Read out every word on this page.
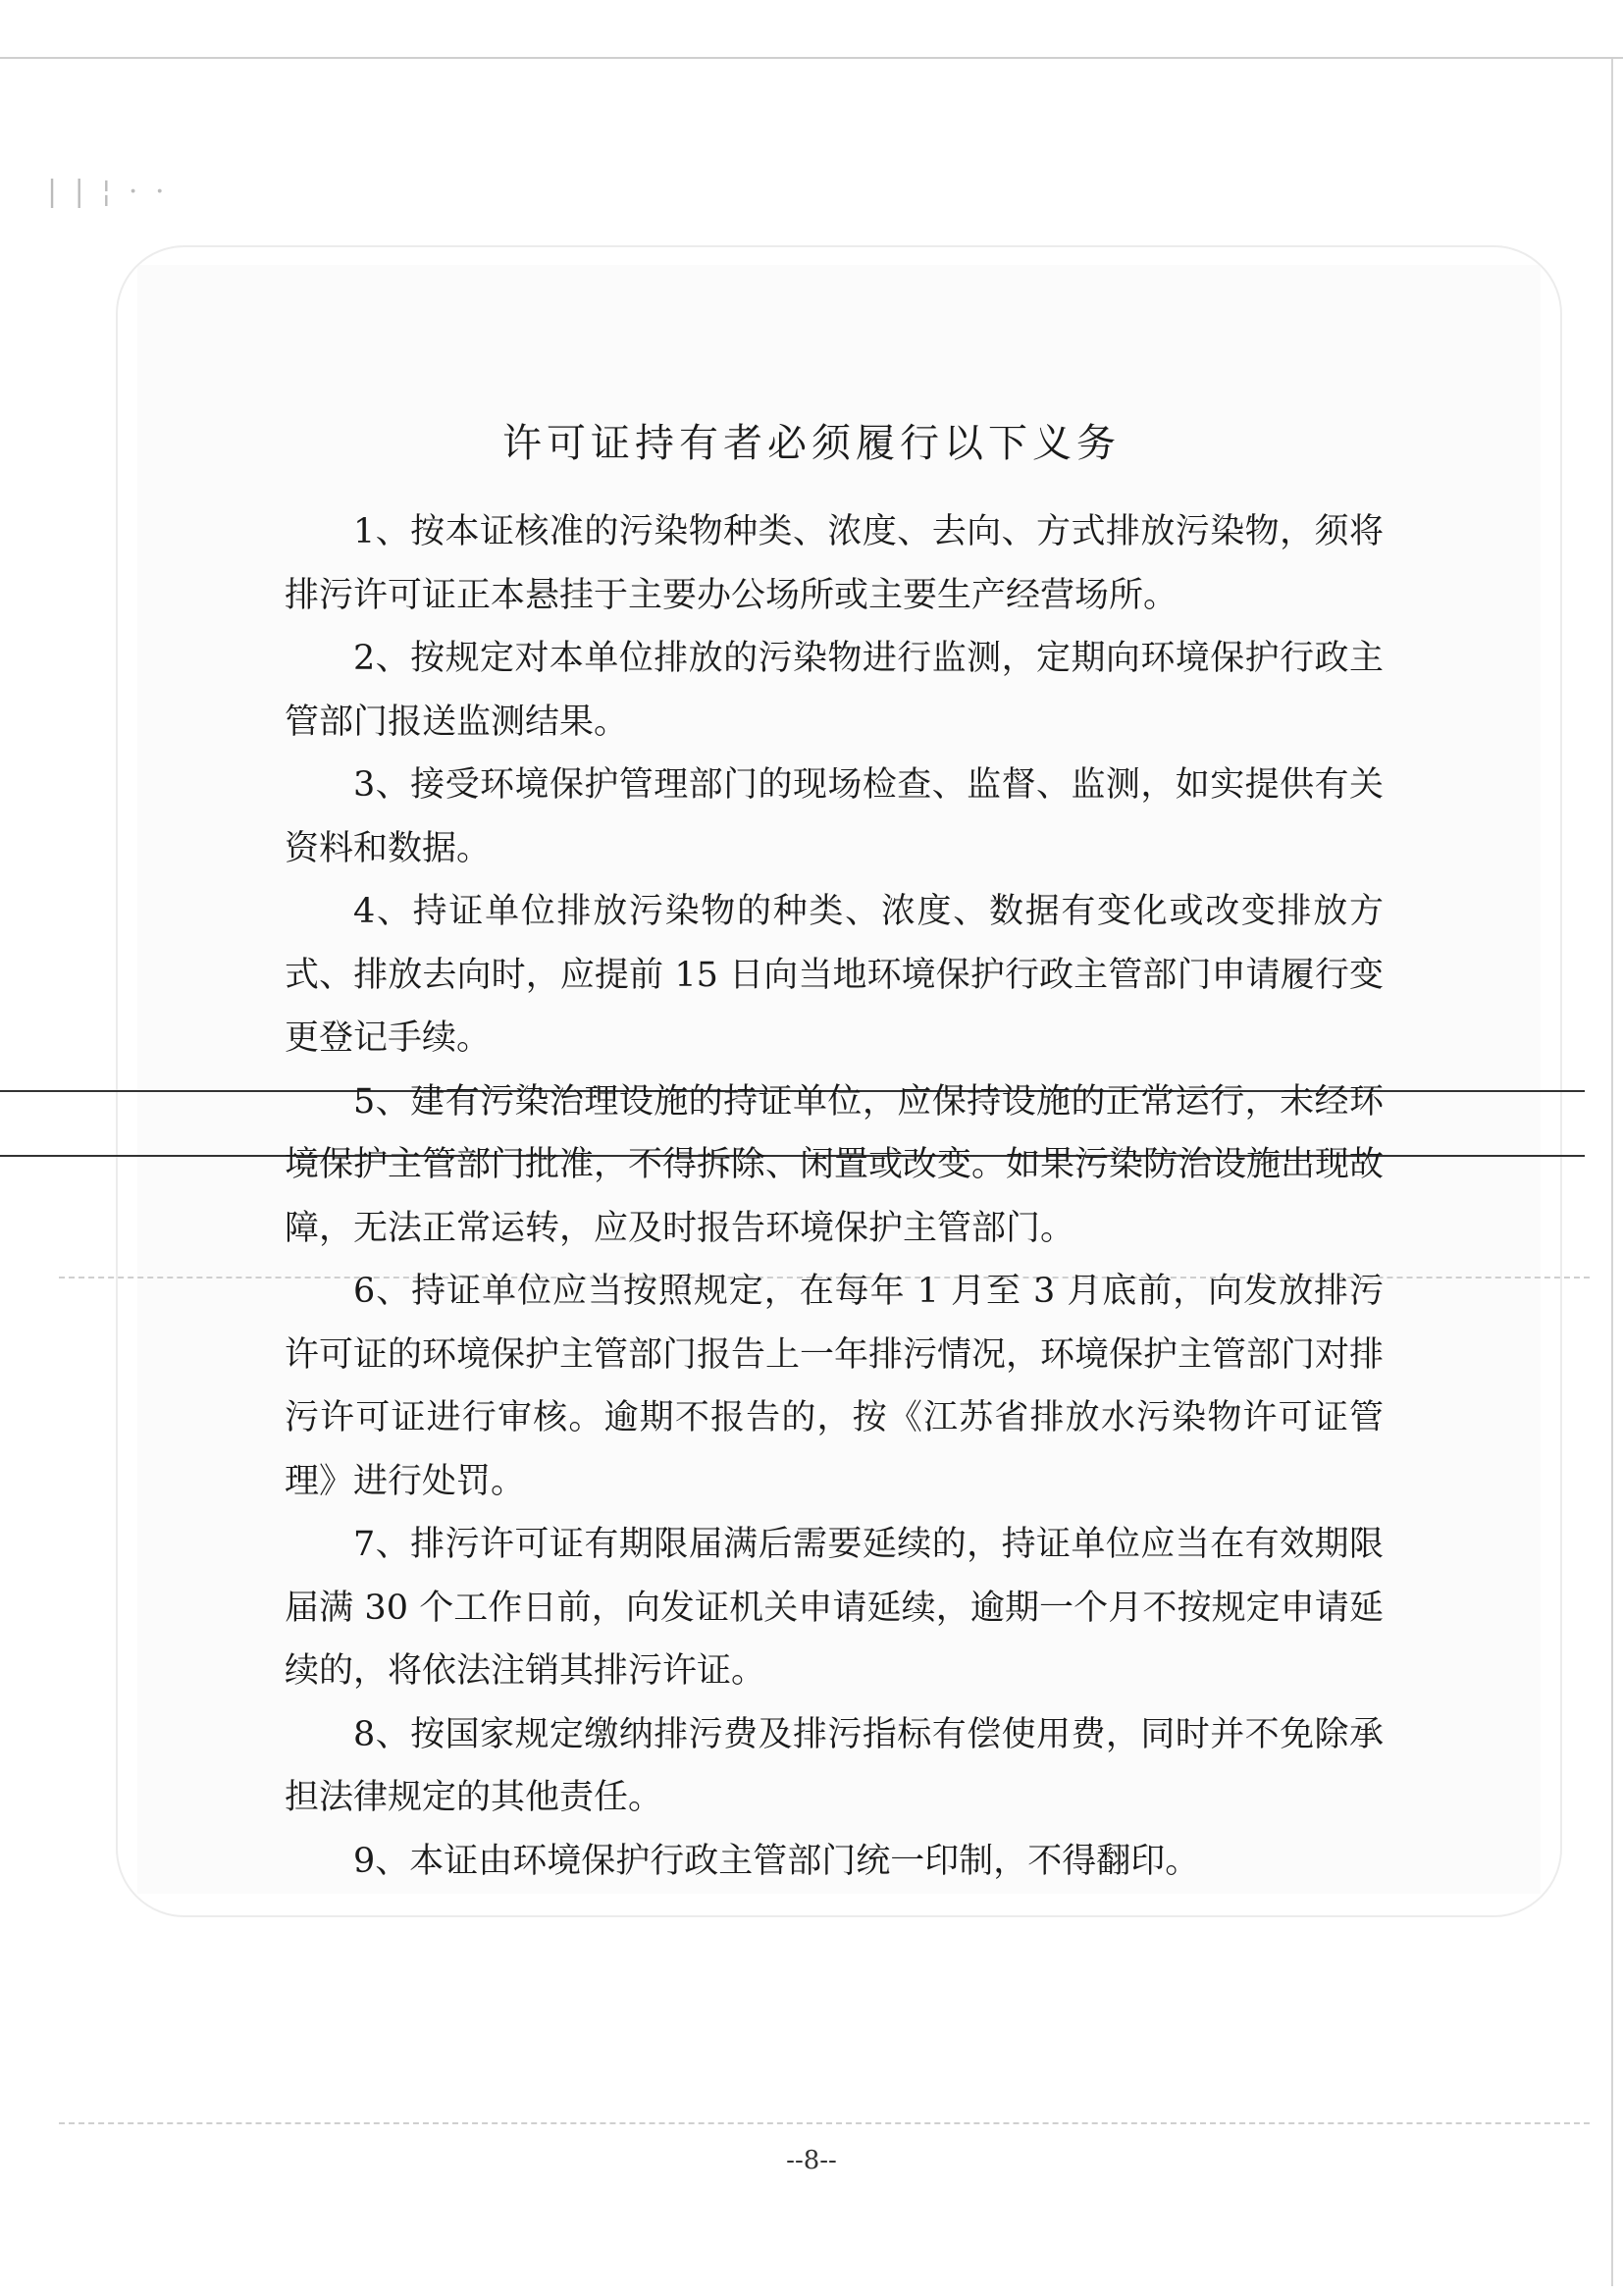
| | ¦ · ·
许可证持有者必须履行以下义务

1、按本证核准的污染物种类、浓度、去向、方式排放污染物，须将排污许可证正本悬挂于主要办公场所或主要生产经营场所。

2、按规定对本单位排放的污染物进行监测，定期向环境保护行政主管部门报送监测结果。

3、接受环境保护管理部门的现场检查、监督、监测，如实提供有关资料和数据。

4、持证单位排放污染物的种类、浓度、数据有变化或改变排放方式、排放去向时，应提前 15 日向当地环境保护行政主管部门申请履行变更登记手续。

5、建有污染治理设施的持证单位，应保持设施的正常运行，未经环境保护主管部门批准，不得拆除、闲置或改变。如果污染防治设施出现故障，无法正常运转，应及时报告环境保护主管部门。

6、持证单位应当按照规定，在每年 1 月至 3 月底前，向发放排污许可证的环境保护主管部门报告上一年排污情况，环境保护主管部门对排污许可证进行审核。逾期不报告的，按《江苏省排放水污染物许可证管理》进行处罚。

7、排污许可证有期限届满后需要延续的，持证单位应当在有效期限届满 30 个工作日前，向发证机关申请延续，逾期一个月不按规定申请延续的，将依法注销其排污许证。

8、按国家规定缴纳排污费及排污指标有偿使用费，同时并不免除承担法律规定的其他责任。

9、本证由环境保护行政主管部门统一印制，不得翻印。

--8--
